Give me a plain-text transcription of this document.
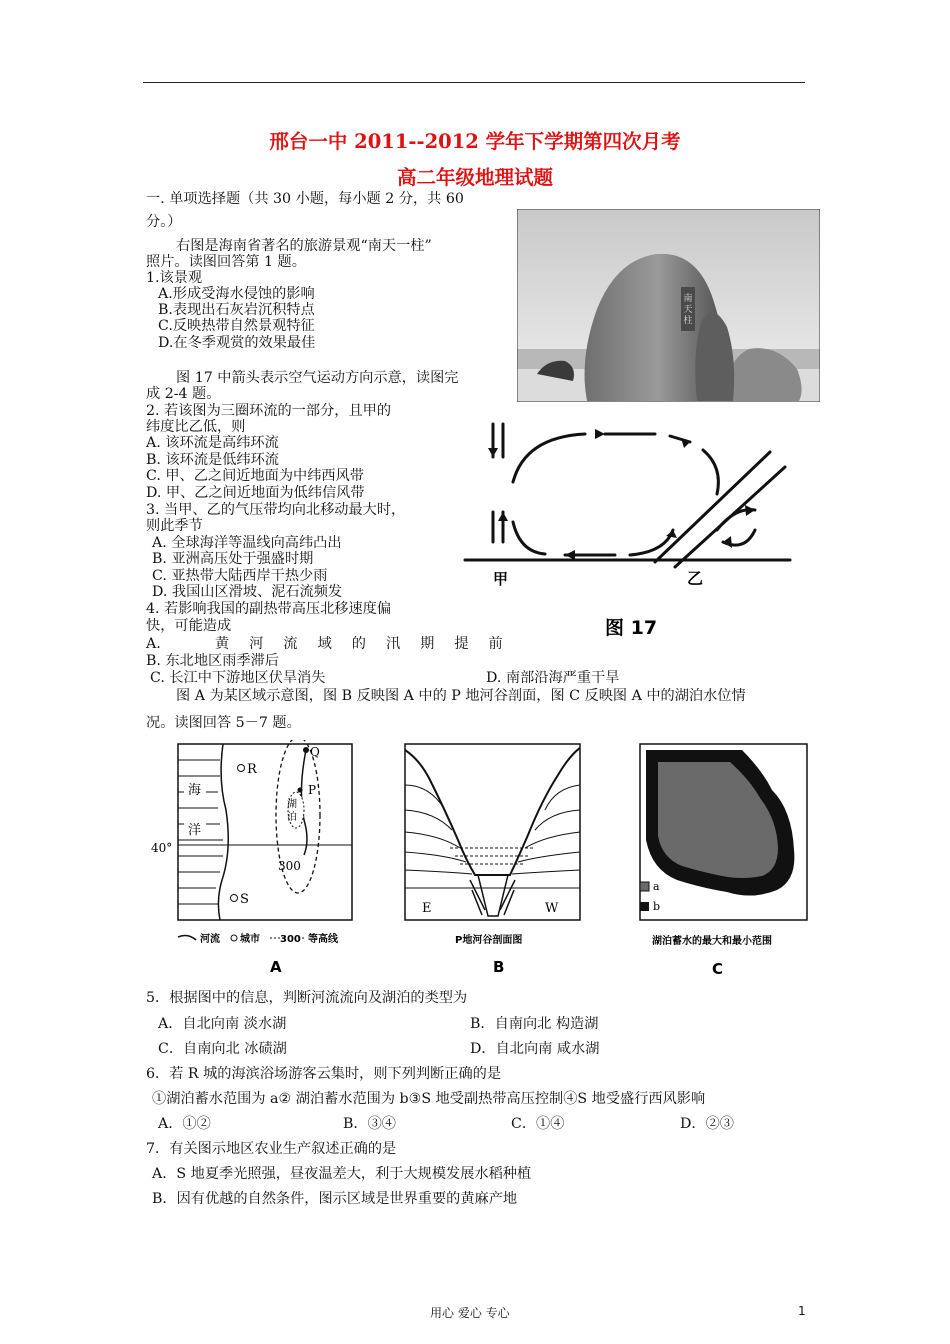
邢台一中 2011--2012 学年下学期第四次月考
高二年级地理试题
一. 单项选择题（共 30 小题，每小题 2 分，共 60
分。）
右图是海南省著名的旅游景观“南天一柱”
照片。读图回答第 1 题。
1.该景观
A.形成受海水侵蚀的影响
B.表现出石灰岩沉积特点
C.反映热带自然景观特征
D.在冬季观赏的效果最佳
南
天
柱
图 17 中箭头表示空气运动方向示意，读图完
成 2-4 题。
2. 若该图为三圈环流的一部分，且甲的
纬度比乙低，则
A. 该环流是高纬环流
B. 该环流是低纬环流
C. 甲、乙之间近地面为中纬西风带
D. 甲、乙之间近地面为低纬信风带
3. 当甲、乙的气压带均向北移动最大时，
则此季节
A. 全球海洋等温线向高纬凸出
B. 亚洲高压处于强盛时期
C. 亚热带大陆西岸干热少雨
D. 我国山区滑坡、泥石流频发
4. 若影响我国的副热带高压北移速度偏
快，可能造成
A.	黄河流域的汛期提前
B. 东北地区雨季滞后
C. 长江中下游地区伏旱消失	D. 南部沿海严重干旱
甲	乙
图 17
图 A 为某区域示意图，图 B 反映图 A 中的 P 地河谷剖面，图 C 反映图 A 中的湖泊水位情
况。读图回答 5－7 题。
海
洋
40°
R
S
Q
P
湖
泊
300
河流 城市 300 等高线
A
E	W
P地河谷剖面图
B
a
b
湖泊蓄水的最大和最小范围
C
5．根据图中的信息，判断河流流向及湖泊的类型为
A．自北向南 淡水湖	B．自南向北 构造湖
C．自南向北 冰碛湖	D．自北向南 咸水湖
6．若 R 城的海滨浴场游客云集时，则下列判断正确的是
①湖泊蓄水范围为 a② 湖泊蓄水范围为 b③S 地受副热带高压控制④S 地受盛行西风影响
A．①②	B．③④	C．①④	D．②③
7．有关图示地区农业生产叙述正确的是
A．S 地夏季光照强，昼夜温差大，利于大规模发展水稻种植
B．因有优越的自然条件，图示区域是世界重要的黄麻产地
用心 爱心 专心	1
